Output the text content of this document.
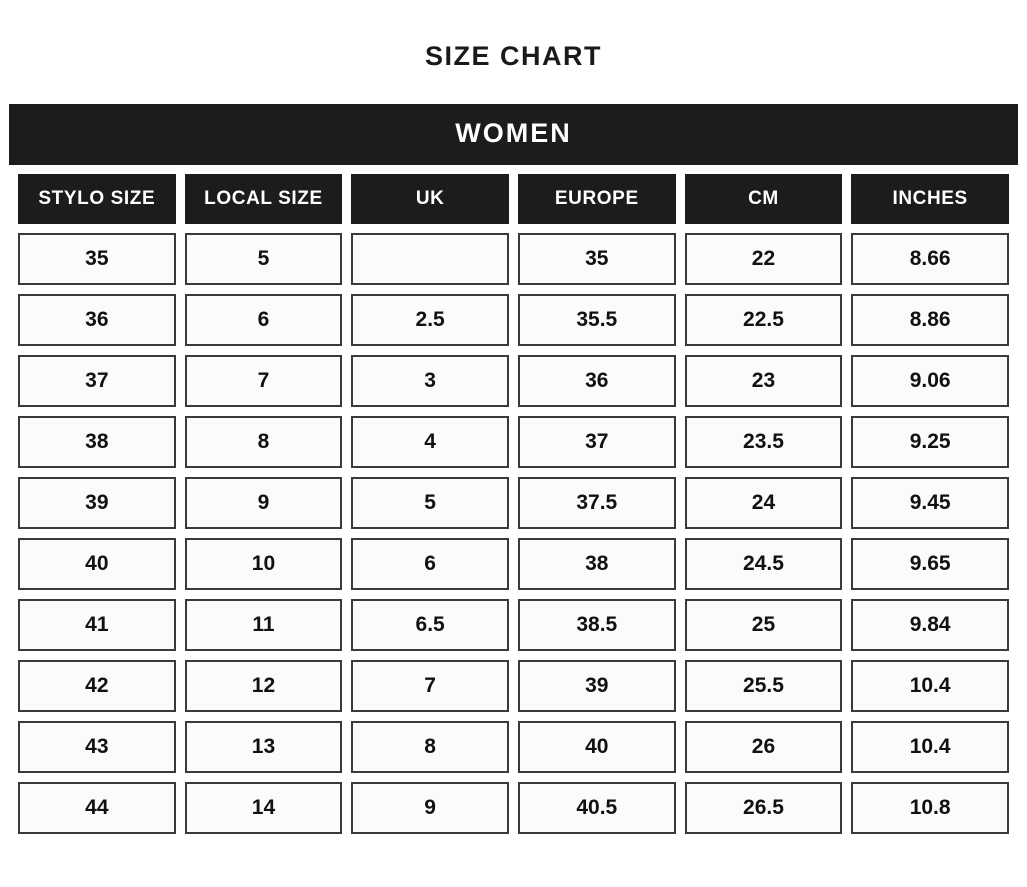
SIZE CHART
WOMEN
STYLO SIZE	LOCAL SIZE	UK	EUROPE	CM	INCHES
35	5		35	22	8.66
36	6	2.5	35.5	22.5	8.86
37	7	3	36	23	9.06
38	8	4	37	23.5	9.25
39	9	5	37.5	24	9.45
40	10	6	38	24.5	9.65
41	11	6.5	38.5	25	9.84
42	12	7	39	25.5	10.4
43	13	8	40	26	10.4
44	14	9	40.5	26.5	10.8
